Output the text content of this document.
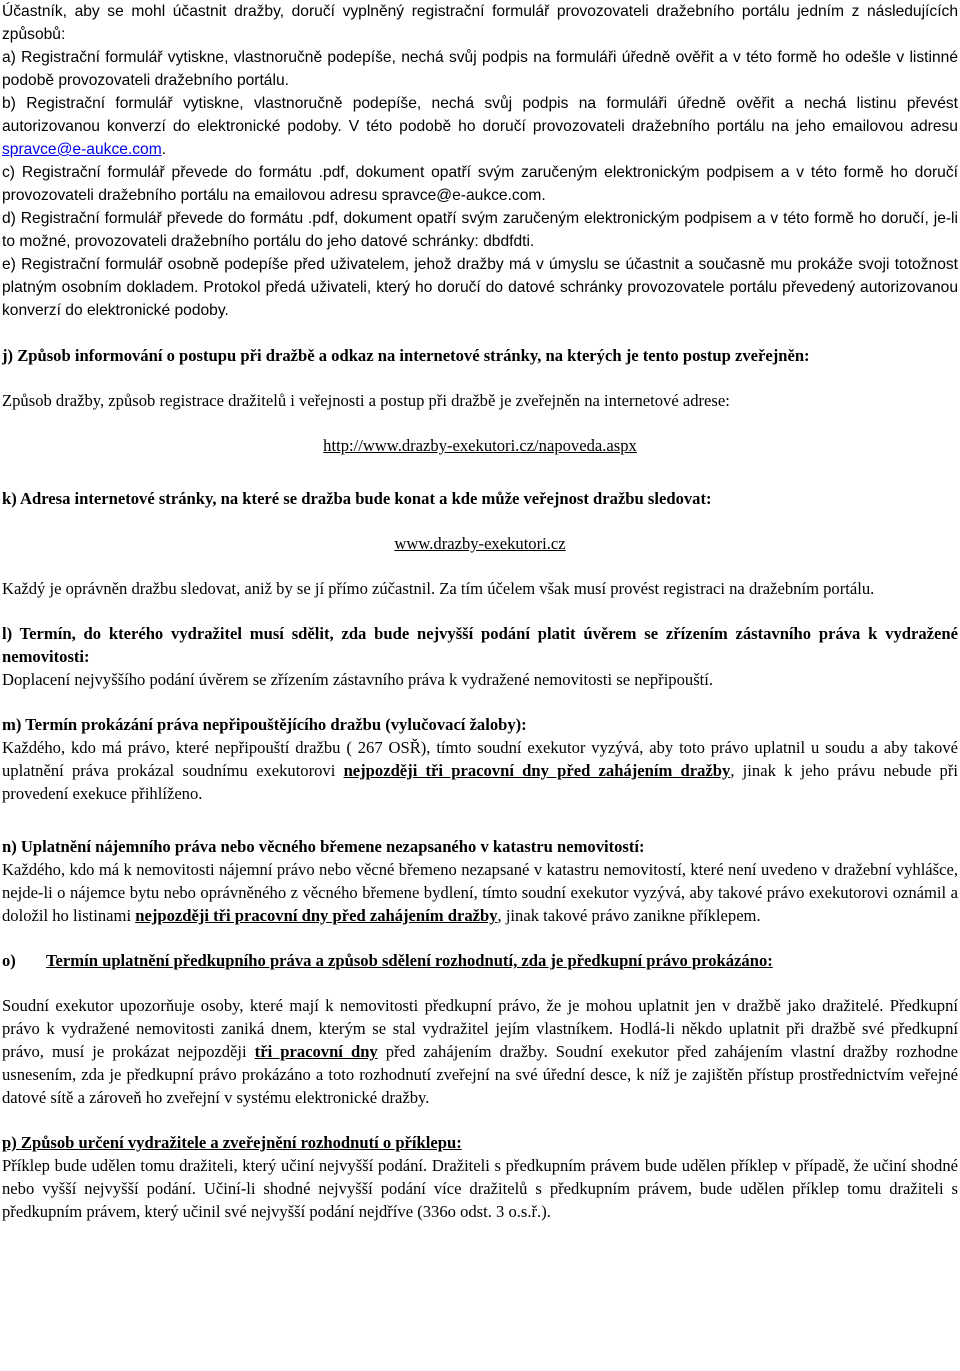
Účastník, aby se mohl účastnit dražby, doručí vyplněný registrační formulář provozovateli dražebního portálu jedním z následujících způsobů:

a) Registrační formulář vytiskne, vlastnoručně podepíše, nechá svůj podpis na formuláři úředně ověřit a v této formě ho odešle v listinné podobě provozovateli dražebního portálu.

b) Registrační formulář vytiskne, vlastnoručně podepíše, nechá svůj podpis na formuláři úředně ověřit a nechá listinu převést autorizovanou konverzí do elektronické podoby. V této podobě ho doručí provozovateli dražebního portálu na jeho emailovou adresu spravce@e-aukce.com.

c) Registrační formulář převede do formátu .pdf, dokument opatří svým zaručeným elektronickým podpisem a v této formě ho doručí provozovateli dražebního portálu na emailovou adresu spravce@e-aukce.com.

d) Registrační formulář převede do formátu .pdf, dokument opatří svým zaručeným elektronickým podpisem a v této formě ho doručí, je-li to možné, provozovateli dražebního portálu do jeho datové schránky: dbdfdti.

e) Registrační formulář osobně podepíše před uživatelem, jehož dražby má v úmyslu se účastnit a současně mu prokáže svoji totožnost platným osobním dokladem. Protokol předá uživateli, který ho doručí do datové schránky provozovatele portálu převedený autorizovanou konverzí do elektronické podoby.

j) Způsob informování o postupu při dražbě a odkaz na internetové stránky, na kterých je tento postup zveřejněn:

Způsob dražby, způsob registrace dražitelů i veřejnosti a postup při dražbě je zveřejněn na internetové adrese:

http://www.drazby-exekutori.cz/napoveda.aspx

k) Adresa internetové stránky, na které se dražba bude konat a kde může veřejnost dražbu sledovat:

www.drazby-exekutori.cz

Každý je oprávněn dražbu sledovat, aniž by se jí přímo zúčastnil. Za tím účelem však musí provést registraci na dražebním portálu.

l) Termín, do kterého vydražitel musí sdělit, zda bude nejvyšší podání platit úvěrem se zřízením zástavního práva k vydražené nemovitosti:

Doplacení nejvyššího podání úvěrem se zřízením zástavního práva k vydražené nemovitosti se nepřipouští.

m) Termín prokázání práva nepřipouštějícího dražbu (vylučovací žaloby):

Každého, kdo má právo, které nepřipouští dražbu ( 267 OSŘ), tímto soudní exekutor vyzývá, aby toto právo uplatnil u soudu a aby takové uplatnění práva prokázal soudnímu exekutorovi nejpozději tři pracovní dny před zahájením dražby, jinak k jeho právu nebude při provedení exekuce přihlíženo.

n) Uplatnění nájemního práva nebo věcného břemene nezapsaného v katastru nemovitostí:

Každého, kdo má k nemovitosti nájemní právo nebo věcné břemeno nezapsané v katastru nemovitostí, které není uvedeno v dražební vyhlášce, nejde-li o nájemce bytu nebo oprávněného z věcného břemene bydlení, tímto soudní exekutor vyzývá, aby takové právo exekutorovi oznámil a doložil ho listinami nejpozději tři pracovní dny před zahájením dražby, jinak takové právo zanikne příklepem.

o)	Termín uplatnění předkupního práva a způsob sdělení rozhodnutí, zda je předkupní právo prokázáno:

Soudní exekutor upozorňuje osoby, které mají k nemovitosti předkupní právo, že je mohou uplatnit jen v dražbě jako dražitelé. Předkupní právo k vydražené nemovitosti zaniká dnem, kterým se stal vydražitel jejím vlastníkem. Hodlá-li někdo uplatnit při dražbě své předkupní právo, musí je prokázat nejpozději tři pracovní dny před zahájením dražby. Soudní exekutor před zahájením vlastní dražby rozhodne usnesením, zda je předkupní právo prokázáno a toto rozhodnutí zveřejní na své úřední desce, k níž je zajištěn přístup prostřednictvím veřejné datové sítě a zároveň ho zveřejní v systému elektronické dražby.

p) Způsob určení vydražitele a zveřejnění rozhodnutí o příklepu:

Příklep bude udělen tomu dražiteli, který učiní nejvyšší podání. Dražiteli s předkupním právem bude udělen příklep v případě, že učiní shodné nebo vyšší nejvyšší podání. Učiní-li shodné nejvyšší podání více dražitelů s předkupním právem, bude udělen příklep tomu dražiteli s předkupním právem, který učinil své nejvyšší podání nejdříve (336o odst. 3 o.s.ř.).
